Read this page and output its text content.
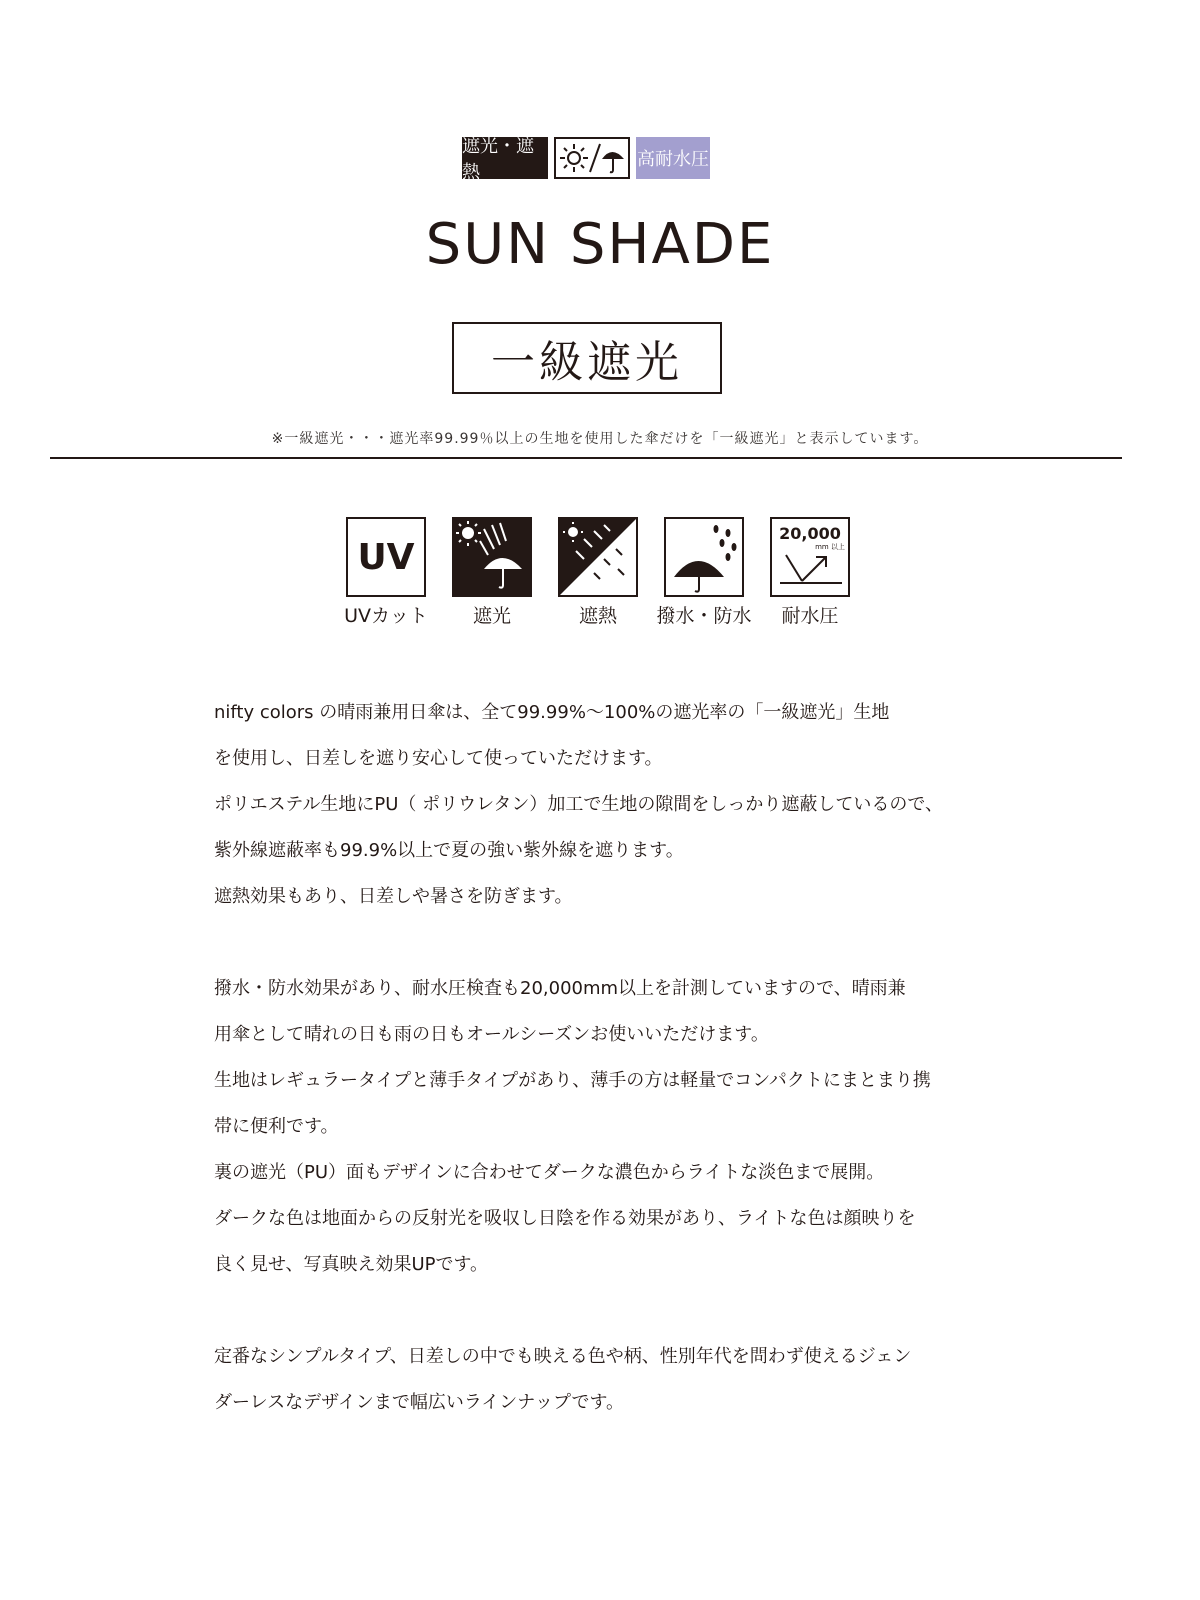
遮光・遮熱
高耐水圧
SUN SHADE
一級遮光
※一級遮光・・・遮光率99.99％以上の生地を使用した傘だけを「一級遮光」と表示しています。
UV
UVカット	遮光	遮熱	撥水・防水
20,000
mm 以上
耐水圧

nifty colors の晴雨兼用日傘は、全て99.99%～100%の遮光率の「一級遮光」生地

を使用し、日差しを遮り安心して使っていただけます。

ポリエステル生地にPU（ ポリウレタン）加工で生地の隙間をしっかり遮蔽しているので、

紫外線遮蔽率も99.9%以上で夏の強い紫外線を遮ります。

遮熱効果もあり、日差しや暑さを防ぎます。

撥水・防水効果があり、耐水圧検査も20,000mm以上を計測していますので、晴雨兼

用傘として晴れの日も雨の日もオールシーズンお使いいただけます。

生地はレギュラータイプと薄手タイプがあり、薄手の方は軽量でコンパクトにまとまり携

帯に便利です。

裏の遮光（PU）面もデザインに合わせてダークな濃色からライトな淡色まで展開。

ダークな色は地面からの反射光を吸収し日陰を作る効果があり、ライトな色は顔映りを

良く見せ、写真映え効果UPです。

定番なシンプルタイプ、日差しの中でも映える色や柄、性別年代を問わず使えるジェン

ダーレスなデザインまで幅広いラインナップです。
